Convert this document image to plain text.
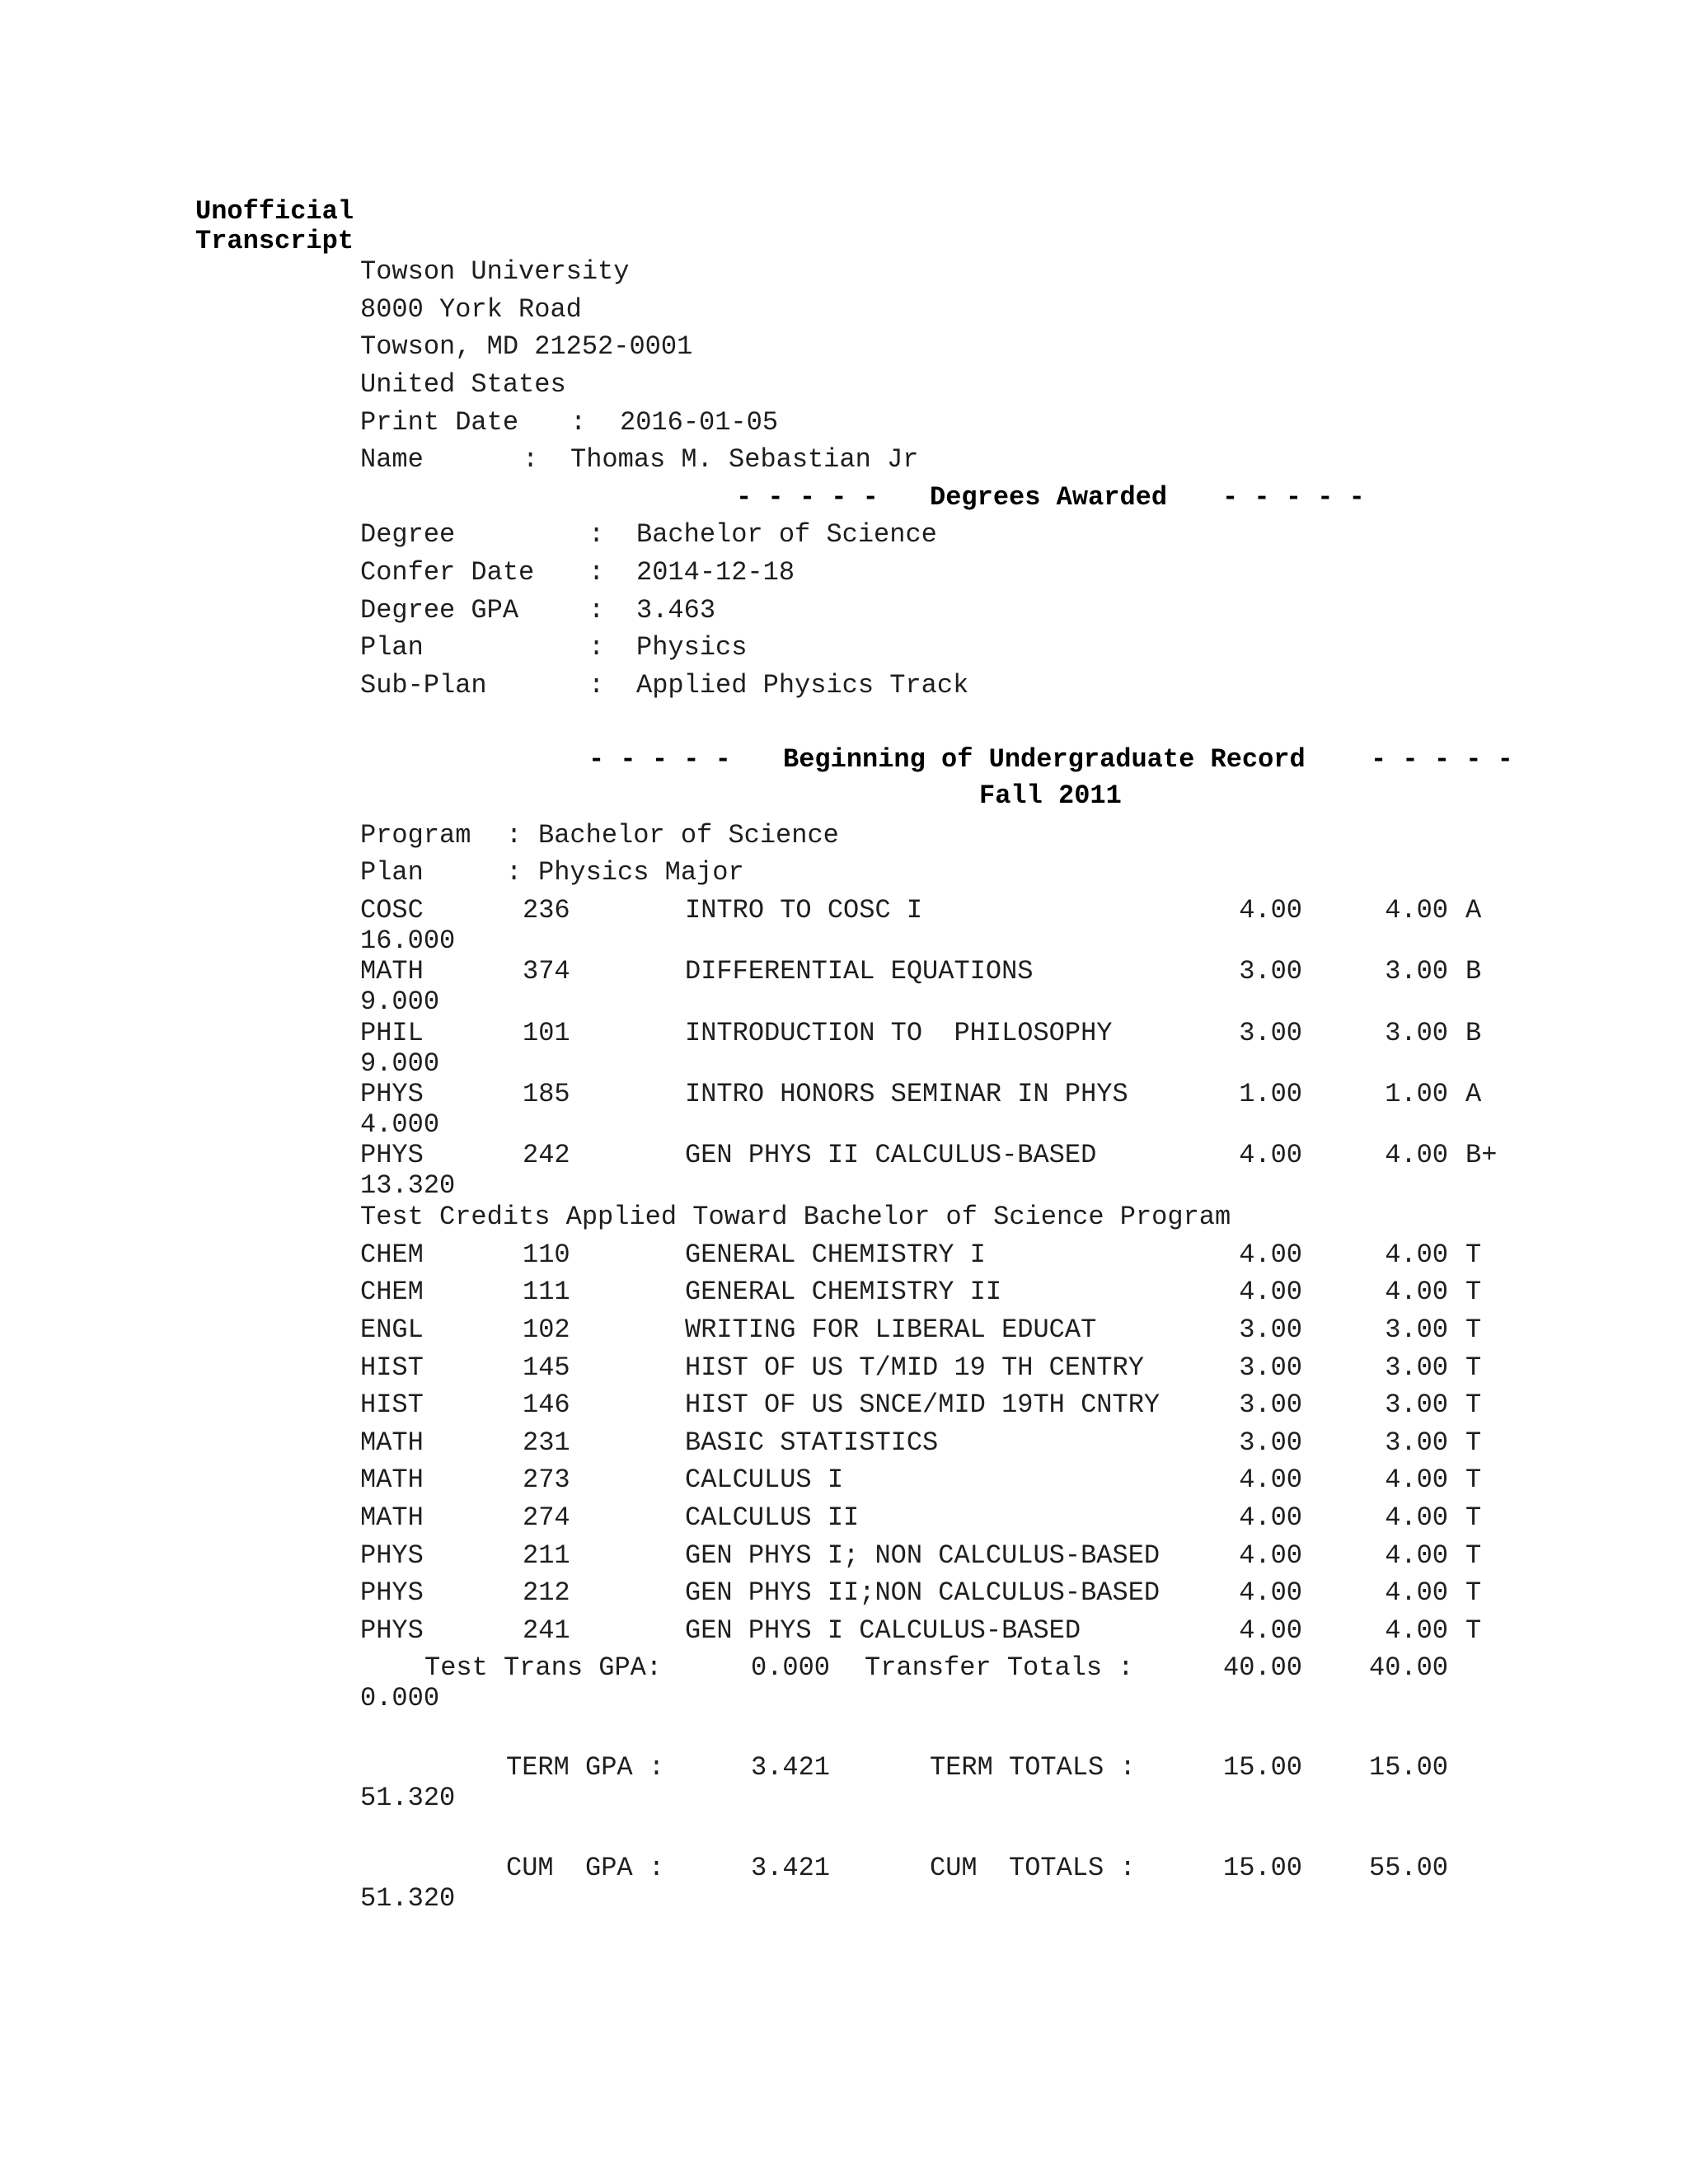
Unofficial
Transcript
Towson University
8000 York Road
Towson, MD 21252-0001
United States
Print Date : 2016-01-05
Name	: Thomas M. Sebastian Jr
- - - - - Degrees Awarded - - - - -
Degree	: Bachelor of Science
Confer Date : 2014-12-18
Degree GPA	: 3.463
Plan	: Physics
Sub-Plan	: Applied Physics Track
- - - - - Beginning of Undergraduate Record - - - - -
Fall 2011
Program : Bachelor of Science
Plan	: Physics Major
COSC	236	INTRO TO COSC I	4.00	4.00 A
16.000
MATH	374	DIFFERENTIAL EQUATIONS	3.00	3.00 B
9.000
PHIL	101	INTRODUCTION TO  PHILOSOPHY	3.00	3.00 B
9.000
PHYS	185	INTRO HONORS SEMINAR IN PHYS	1.00	1.00 A
4.000
PHYS	242	GEN PHYS II CALCULUS-BASED	4.00	4.00 B+
13.320
Test Credits Applied Toward Bachelor of Science Program
CHEM	110	GENERAL CHEMISTRY I	4.00	4.00 T
CHEM	111	GENERAL CHEMISTRY II	4.00	4.00 T
ENGL	102	WRITING FOR LIBERAL EDUCAT	3.00	3.00 T
HIST	145	HIST OF US T/MID 19 TH CENTRY	3.00	3.00 T
HIST	146	HIST OF US SNCE/MID 19TH CNTRY	3.00	3.00 T
MATH	231	BASIC STATISTICS	3.00	3.00 T
MATH	273	CALCULUS I	4.00	4.00 T
MATH	274	CALCULUS II	4.00	4.00 T
PHYS	211	GEN PHYS I; NON CALCULUS-BASED	4.00	4.00 T
PHYS	212	GEN PHYS II;NON CALCULUS-BASED	4.00	4.00 T
PHYS	241	GEN PHYS I CALCULUS-BASED	4.00	4.00 T
Test Trans GPA:	0.000 Transfer Totals :	40.00	40.00
0.000
TERM GPA :	3.421	TERM TOTALS :	15.00	15.00
51.320
CUM  GPA :	3.421	CUM  TOTALS :	15.00	55.00
51.320
